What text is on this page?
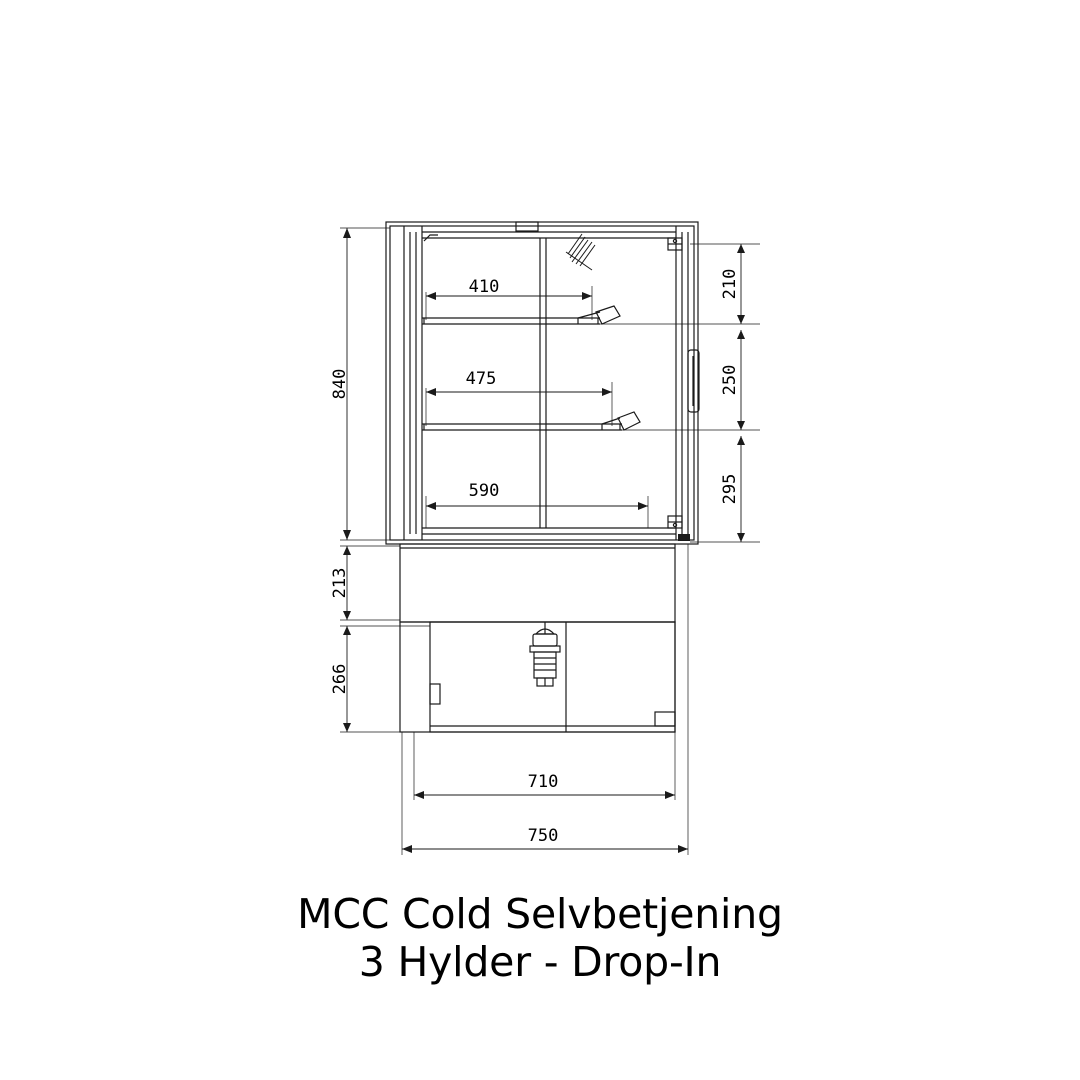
840
213
266
210
250
295
410
475
590
710
750
MCC Cold Selvbetjening
3 Hylder - Drop-In
